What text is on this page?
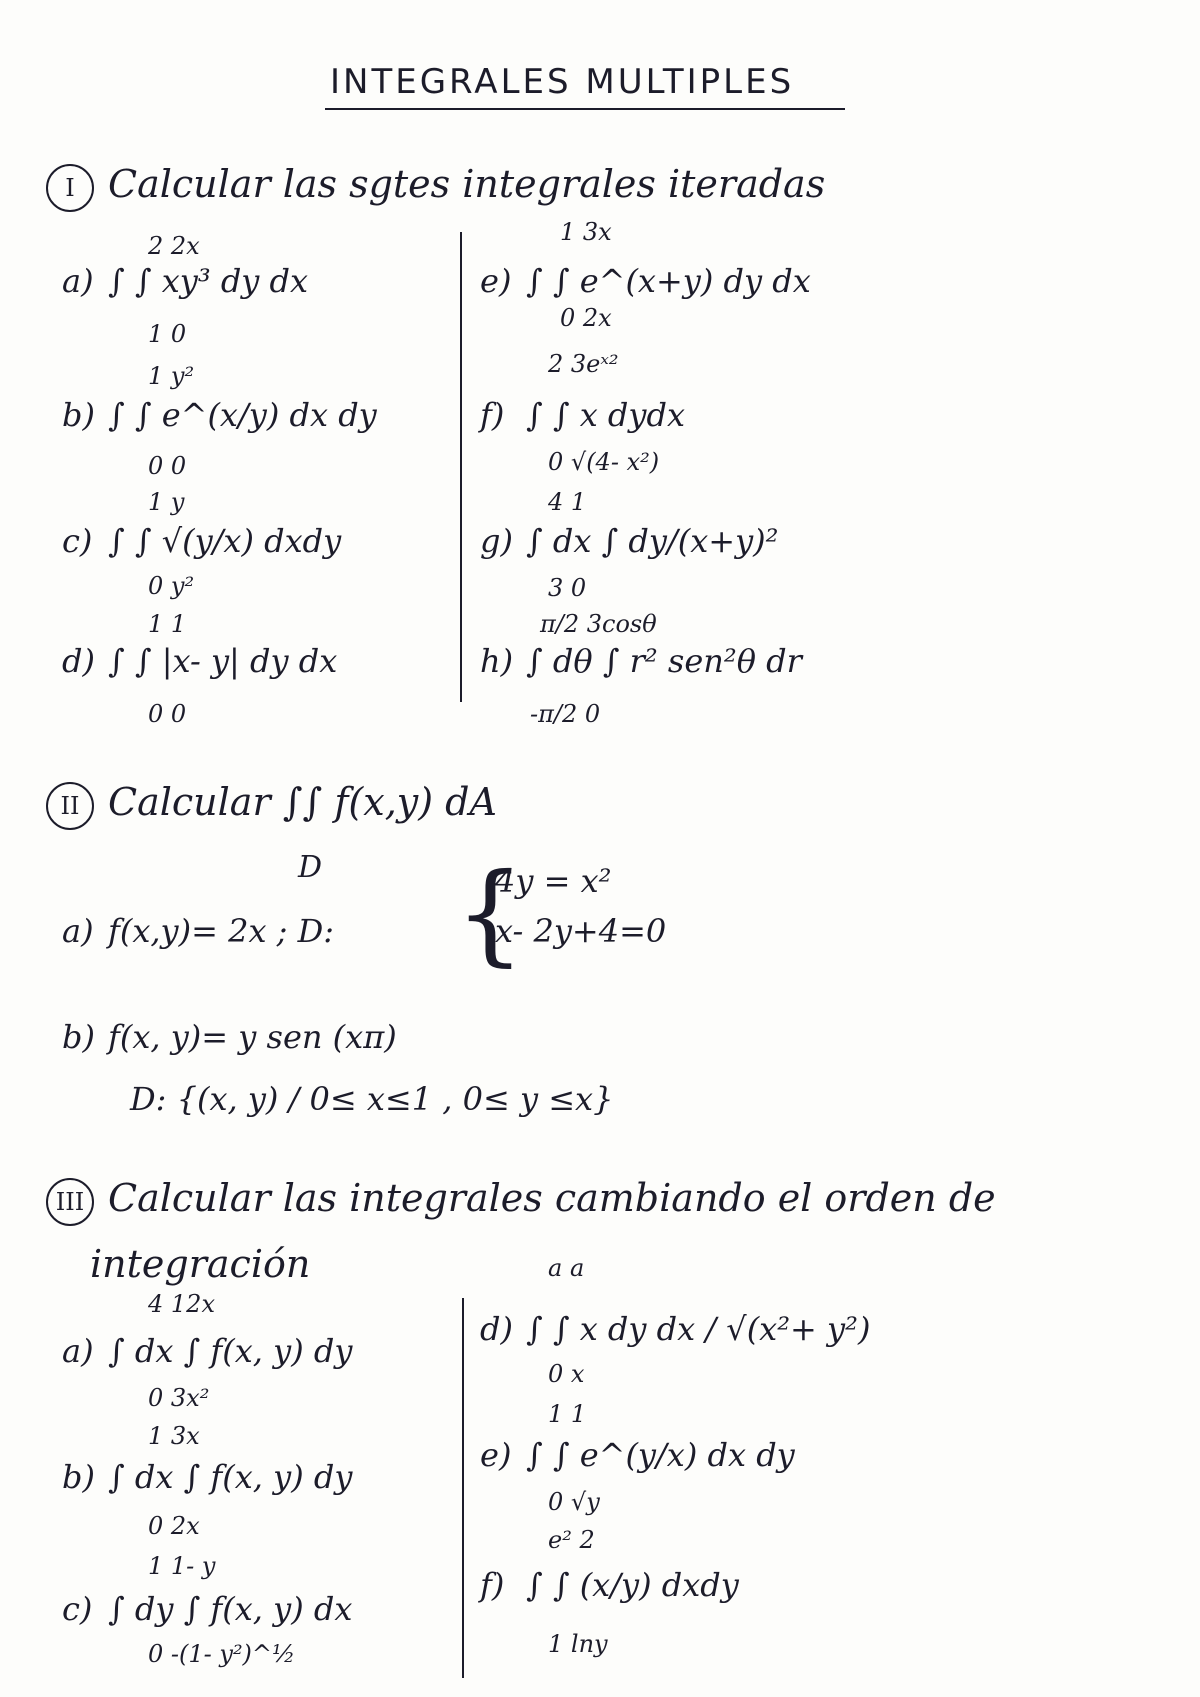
INTEGRALES MULTIPLES
I Calcular las sgtes integrales iteradas
a) ∫ ∫ xy³ dy dx
2 2x
1 0
b) ∫ ∫ e^(x/y) dx dy
1 y²
0 0
c) ∫ ∫ √(y/x) dxdy
1 y
0 y²
d) ∫ ∫ |x- y| dy dx
1 1
0 0
e) ∫ ∫ e^(x+y) dy dx
1 3x
0 2x
f) ∫ ∫ x dydx
2 3eˣ²
0 √(4- x²)
g) ∫ dx ∫ dy/(x+y)²
4 1
3 0
h) ∫ dθ ∫ r² sen²θ dr
π/2 3cosθ
-π/2 0
II Calcular ∫∫ f(x,y) dA
D
a) f(x,y)= 2x ; D: {
4y = x²
x- 2y+4=0
b) f(x, y)= y sen (xπ)
D: {(x, y) / 0≤ x≤1 , 0≤ y ≤x}
III Calcular las integrales cambiando el orden de
integración
a) ∫ dx ∫ f(x, y) dy
4 12x
0 3x²
b) ∫ dx ∫ f(x, y) dy
1 3x
0 2x
c) ∫ dy ∫ f(x, y) dx
1 1- y
0 -(1- y²)^½
d) ∫ ∫ x dy dx / √(x²+ y²)
a a
0 x
e) ∫ ∫ e^(y/x) dx dy
1 1
0 √y
f) ∫ ∫ (x/y) dxdy
e² 2
1 lny
